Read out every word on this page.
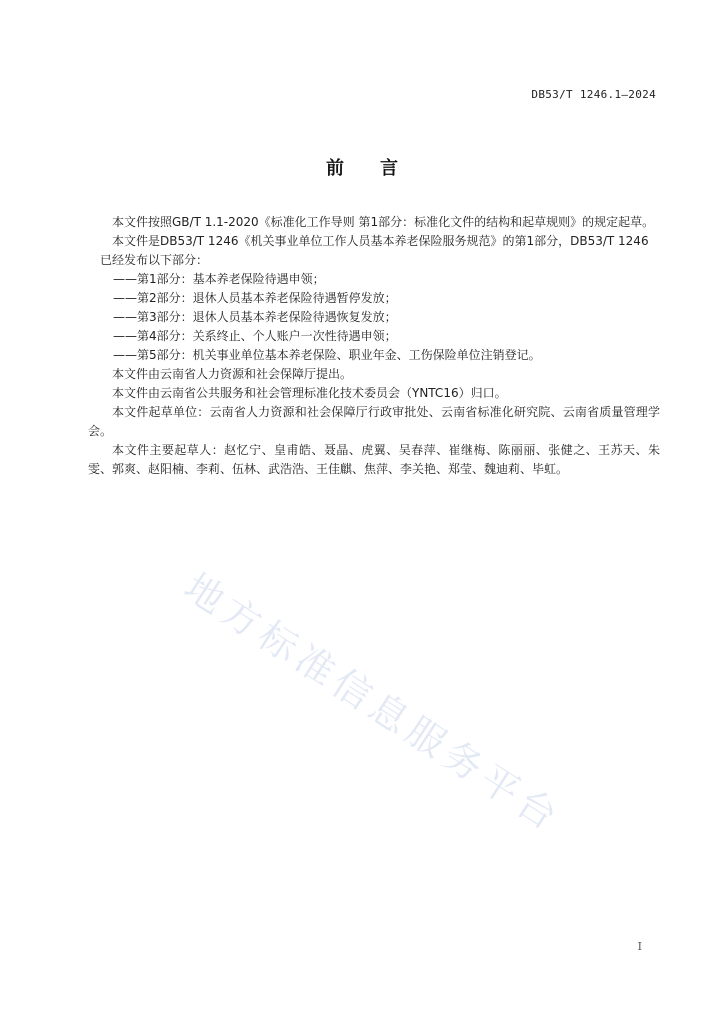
DB53/T 1246.1—2024
前言

本文件按照GB/T 1.1-2020《标准化工作导则 第1部分：标准化文件的结构和起草规则》的规定起草。

本文件是DB53/T 1246《机关事业单位工作人员基本养老保险服务规范》的第1部分，DB53/T 1246

已经发布以下部分：

——第1部分：基本养老保险待遇申领；

——第2部分：退休人员基本养老保险待遇暂停发放；

——第3部分：退休人员基本养老保险待遇恢复发放；

——第4部分：关系终止、个人账户一次性待遇申领；

——第5部分：机关事业单位基本养老保险、职业年金、工伤保险单位注销登记。

本文件由云南省人力资源和社会保障厅提出。

本文件由云南省公共服务和社会管理标准化技术委员会（YNTC16）归口。

本文件起草单位：云南省人力资源和社会保障厅行政审批处、云南省标准化研究院、云南省质量管理学会。

本文件主要起草人：赵忆宁、皇甫皓、聂晶、虎翼、吴春萍、崔继梅、陈丽丽、张健之、王苏天、朱雯、郭爽、赵阳楠、李莉、伍林、武浩浩、王佳麒、焦萍、李关艳、郑莹、魏迪莉、毕虹。

I
地方标准信息服务平台
